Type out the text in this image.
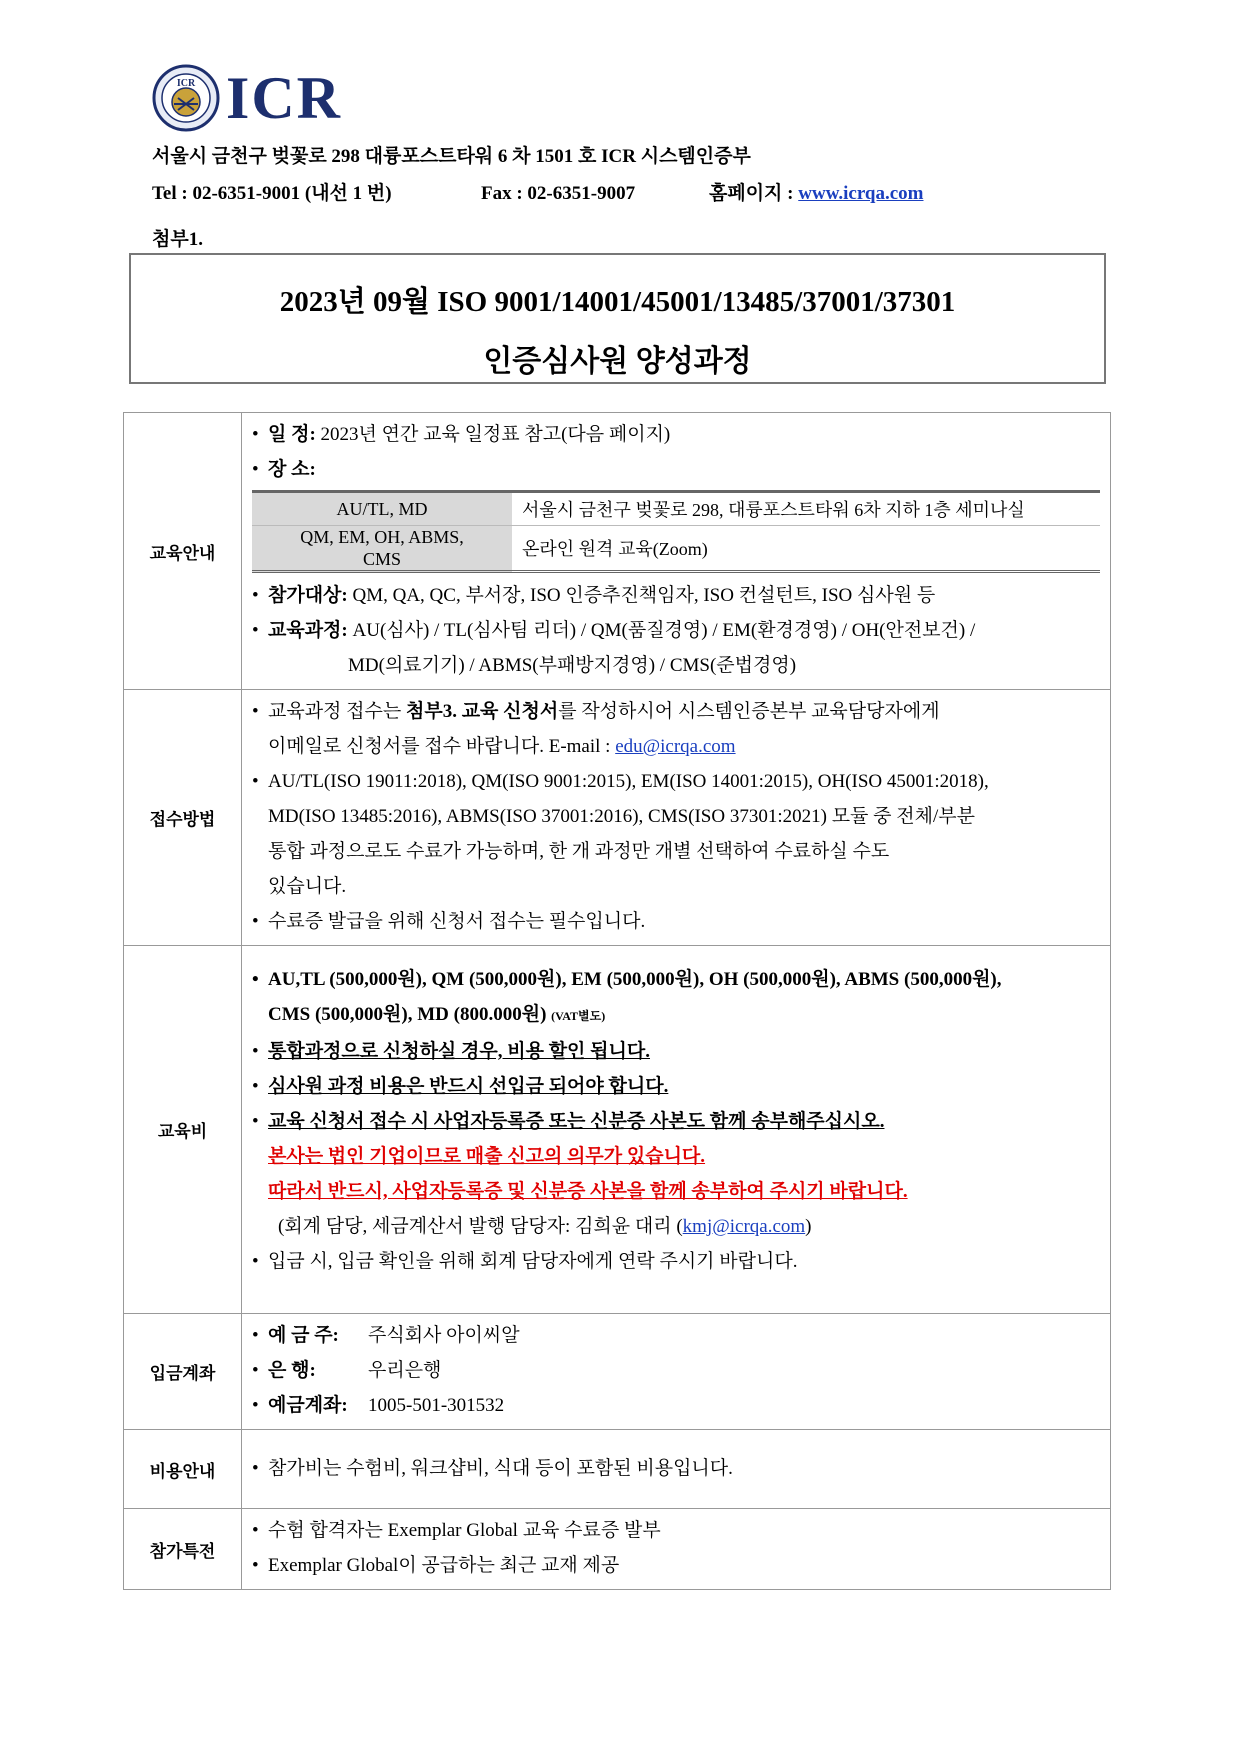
ICR ICR
서울시 금천구 벚꽃로 298 대륭포스트타워 6 차 1501 호 ICR 시스템인증부
Tel : 02-6351-9001 (내선 1 번)	Fax : 02-6351-9007	홈페이지 : www.icrqa.com
첨부1.
2023년 09월 ISO 9001/14001/45001/13485/37001/37301
인증심사원 양성과정
교육안내	
• 일 정: 2023년 연간 교육 일정표 참고(다음 페이지)
• 장 소:
AU/TL, MD	서울시 금천구 벚꽃로 298, 대륭포스트타워 6차 지하 1층 세미나실
QM, EM, OH, ABMS, CMS	온라인 원격 교육(Zoom)
• 참가대상: QM, QA, QC, 부서장, ISO 인증추진책임자, ISO 컨설턴트, ISO 심사원 등
• 교육과정: AU(심사) / TL(심사팀 리더) / QM(품질경영) / EM(환경경영) / OH(안전보건) /
MD(의료기기) / ABMS(부패방지경영) / CMS(준법경영)

접수방법	
• 교육과정 접수는 첨부3. 교육 신청서를 작성하시어 시스템인증본부 교육담당자에게
이메일로 신청서를 접수 바랍니다. E-mail : edu@icrqa.com
• AU/TL(ISO 19011:2018), QM(ISO 9001:2015), EM(ISO 14001:2015), OH(ISO 45001:2018),
MD(ISO 13485:2016), ABMS(ISO 37001:2016), CMS(ISO 37301:2021) 모듈 중 전체/부분
통합 과정으로도 수료가 가능하며, 한 개 과정만 개별 선택하여 수료하실 수도
있습니다.
• 수료증 발급을 위해 신청서 접수는 필수입니다.

교육비	
• AU,TL (500,000원), QM (500,000원), EM (500,000원), OH (500,000원), ABMS (500,000원),
CMS (500,000원), MD (800.000원) (VAT별도)
• 통합과정으로 신청하실 경우, 비용 할인 됩니다.
• 심사원 과정 비용은 반드시 선입금 되어야 합니다.
• 교육 신청서 접수 시 사업자등록증 또는 신분증 사본도 함께 송부해주십시오.
본사는 법인 기업이므로 매출 신고의 의무가 있습니다.
따라서 반드시, 사업자등록증 및 신분증 사본을 함께 송부하여 주시기 바랍니다.
(회계 담당, 세금계산서 발행 담당자: 김희윤 대리 (kmj@icrqa.com)
• 입금 시, 입금 확인을 위해 회계 담당자에게 연락 주시기 바랍니다.

입금계좌	
• 예 금 주: 주식회사 아이씨알
• 은 행:	우리은행
• 예금계좌: 1005-501-301532

비용안내	• 참가비는 수험비, 워크샵비, 식대 등이 포함된 비용입니다.

참가특전	
• 수험 합격자는 Exemplar Global 교육 수료증 발부
• Exemplar Global이 공급하는 최근 교재 제공
